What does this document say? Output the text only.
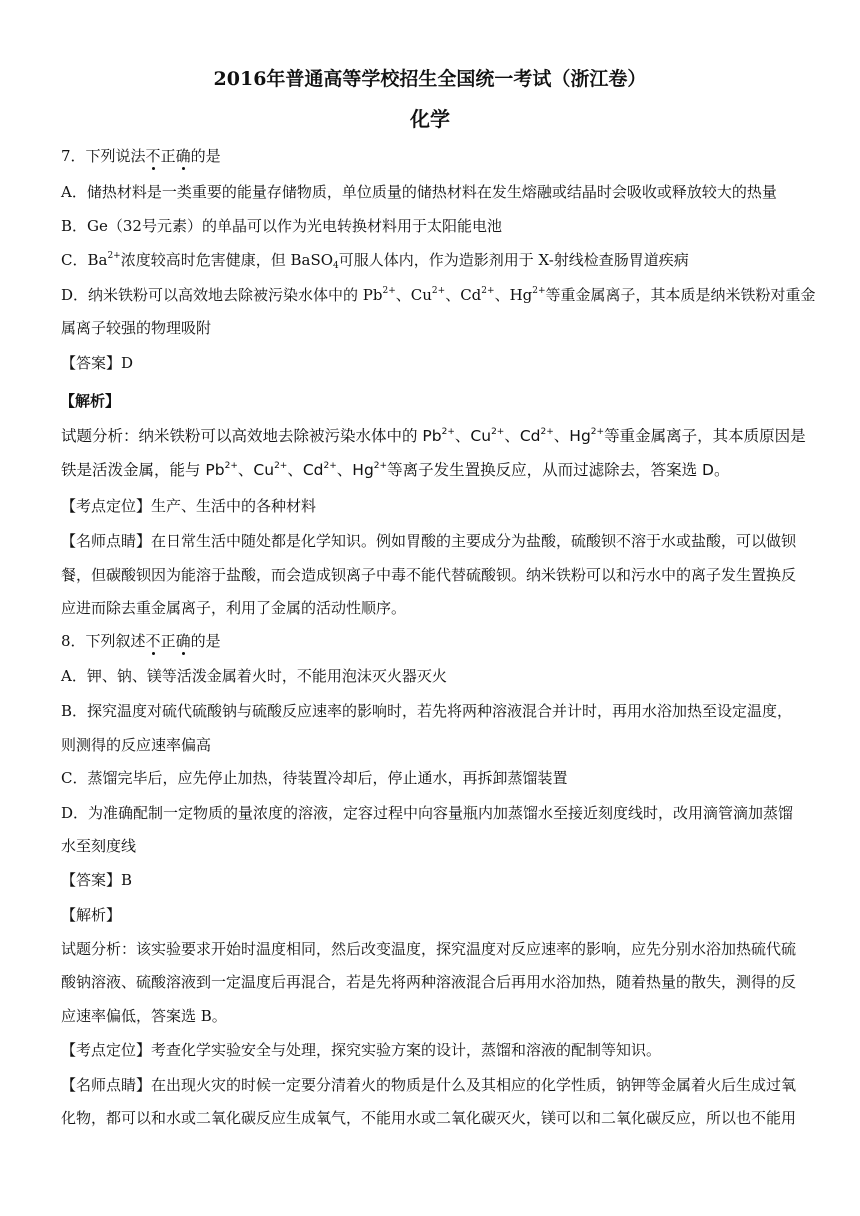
2016年普通高等学校招生全国统一考试（浙江卷）
化学
7．下列说法不正确的是
A．储热材料是一类重要的能量存储物质，单位质量的储热材料在发生熔融或结晶时会吸收或释放较大的热量
B．Ge（32号元素）的单晶可以作为光电转换材料用于太阳能电池
C．$Ba^{2+}$浓度较高时危害健康，但 BaSO$_4$可服人体内，作为造影剂用于 X-射线检查肠胃道疾病
D．纳米铁粉可以高效地去除被污染水体中的 $Pb^{2+}$、$Cu^{2+}$、$Cd^{2+}$、$Hg^{2+}$等重金属离子，其本质是纳米铁粉对重金
属离子较强的物理吸附
【答案】D
【解析】
试题分析：纳米铁粉可以高效地去除被污染水体中的 $Pb^{2+}$、$Cu^{2+}$、$Cd^{2+}$、$Hg^{2+}$等重金属离子，其本质原因是
铁是活泼金属，能与 $Pb^{2+}$、$Cu^{2+}$、$Cd^{2+}$、$Hg^{2+}$等离子发生置换反应，从而过滤除去，答案选 D。
【考点定位】生产、生活中的各种材料
【名师点睛】在日常生活中随处都是化学知识。例如胃酸的主要成分为盐酸，硫酸钡不溶于水或盐酸，可以做钡
餐，但碳酸钡因为能溶于盐酸，而会造成钡离子中毒不能代替硫酸钡。纳米铁粉可以和污水中的离子发生置换反
应进而除去重金属离子，利用了金属的活动性顺序。
8．下列叙述不正确的是
A．钾、钠、镁等活泼金属着火时，不能用泡沫灭火器灭火
B．探究温度对硫代硫酸钠与硫酸反应速率的影响时，若先将两种溶液混合并计时，再用水浴加热至设定温度，
则测得的反应速率偏高
C．蒸馏完毕后，应先停止加热，待装置冷却后，停止通水，再拆卸蒸馏装置
D．为准确配制一定物质的量浓度的溶液，定容过程中向容量瓶内加蒸馏水至接近刻度线时，改用滴管滴加蒸馏
水至刻度线
【答案】B
【解析】
试题分析：该实验要求开始时温度相同，然后改变温度，探究温度对反应速率的影响，应先分别水浴加热硫代硫
酸钠溶液、硫酸溶液到一定温度后再混合，若是先将两种溶液混合后再用水浴加热，随着热量的散失，测得的反
应速率偏低，答案选 B。
【考点定位】考查化学实验安全与处理，探究实验方案的设计，蒸馏和溶液的配制等知识。
【名师点睛】在出现火灾的时候一定要分清着火的物质是什么及其相应的化学性质，钠钾等金属着火后生成过氧
化物，都可以和水或二氧化碳反应生成氧气，不能用水或二氧化碳灭火，镁可以和二氧化碳反应，所以也不能用
